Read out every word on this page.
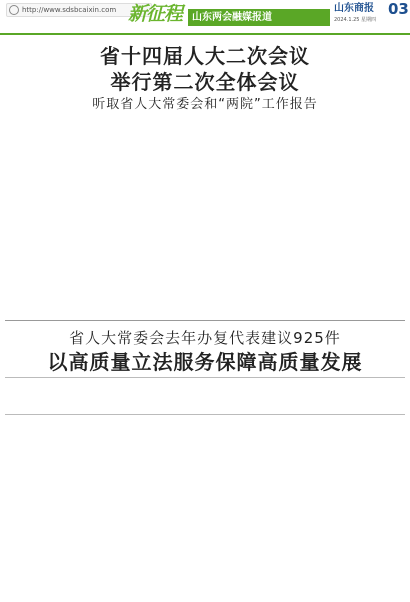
http://www.sdsbcaixin.com 新征程 山东两会融媒报道
山东商报 03
2024.1.25 星期四
省十四届人大二次会议
举行第二次全体会议
听取省人大常委会和“两院”工作报告
省人大常委会去年办复代表建议925件
以高质量立法服务保障高质量发展
